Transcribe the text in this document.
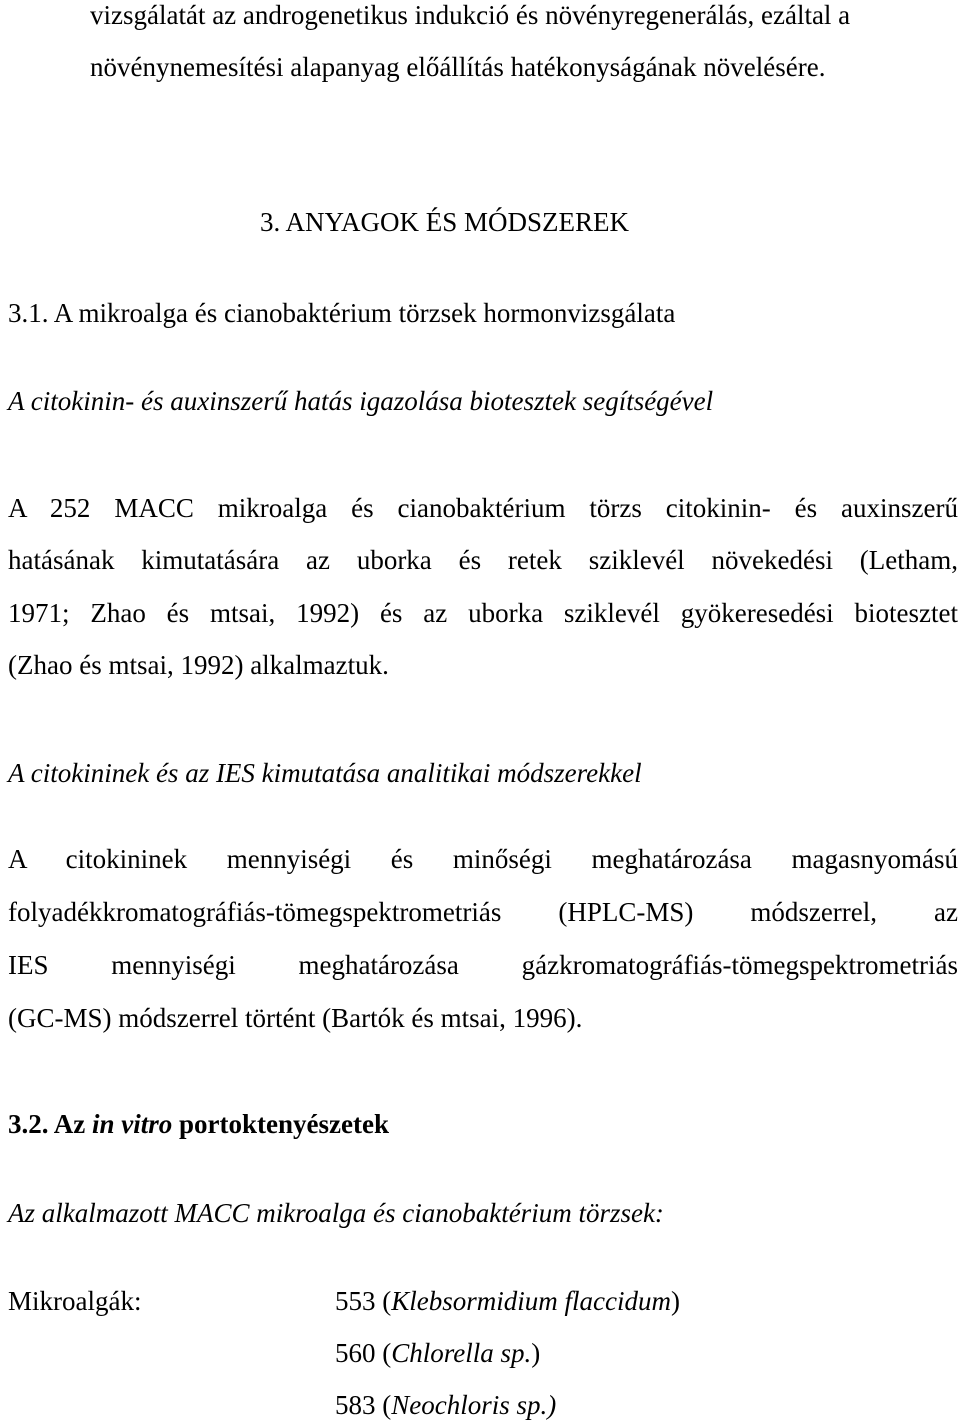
vizsgálatát az androgenetikus indukció és növényregenerálás, ezáltal a
növénynemesítési alapanyag előállítás hatékonyságának növelésére.
3. ANYAGOK ÉS MÓDSZEREK
3.1. A mikroalga és cianobaktérium törzsek hormonvizsgálata
A citokinin- és auxinszerű hatás igazolása biotesztek segítségével
A 252 MACC mikroalga és cianobaktérium törzs citokinin- és auxinszerű
hatásának kimutatására az uborka és retek sziklevél növekedési (Letham,
1971; Zhao és mtsai, 1992) és az uborka sziklevél gyökeresedési biotesztet
(Zhao és mtsai, 1992) alkalmaztuk.
A citokininek és az IES kimutatása analitikai módszerekkel
A citokininek mennyiségi és minőségi meghatározása magasnyomású
folyadékkromatográfiás-tömegspektrometriás (HPLC-MS) módszerrel, az
IES mennyiségi meghatározása gázkromatográfiás-tömegspektrometriás
(GC-MS) módszerrel történt (Bartók és mtsai, 1996).
3.2. Az in vitro portoktenyészetek
Az alkalmazott MACC mikroalga és cianobaktérium törzsek:
Mikroalgák:	553 (Klebsormidium flaccidum)
560 (Chlorella sp.)
583 (Neochloris sp.)
